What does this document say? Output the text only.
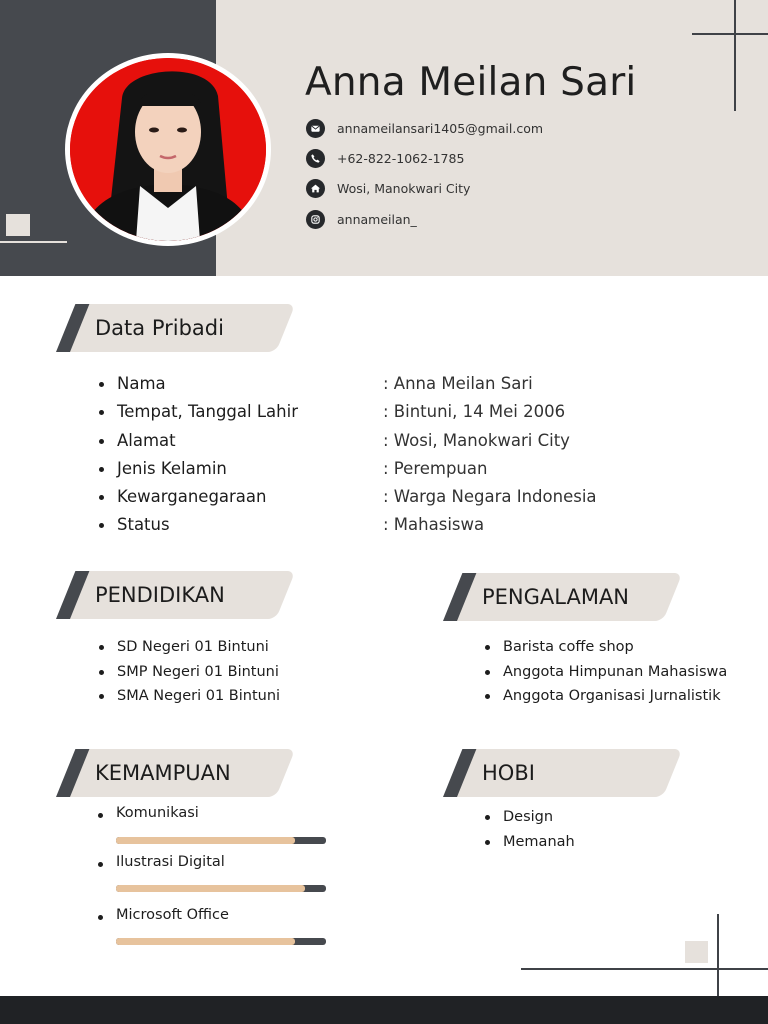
Anna Meilan Sari
annameilansari1405@gmail.com
+62-822-1062-1785
Wosi, Manokwari City
annameilan_
Data Pribadi
Nama
Tempat, Tanggal Lahir
Alamat
Jenis Kelamin
Kewarganegaraan
Status
: Anna Meilan Sari
: Bintuni, 14 Mei 2006
: Wosi, Manokwari City
: Perempuan
: Warga Negara Indonesia
: Mahasiswa
PENDIDIKAN
SD Negeri 01 Bintuni
SMP Negeri 01 Bintuni
SMA Negeri 01 Bintuni
PENGALAMAN
Barista coffe shop
Anggota Himpunan Mahasiswa
Anggota Organisasi Jurnalistik
KEMAMPUAN
Komunikasi
Ilustrasi Digital
Microsoft Office
HOBI
Design
Memanah
